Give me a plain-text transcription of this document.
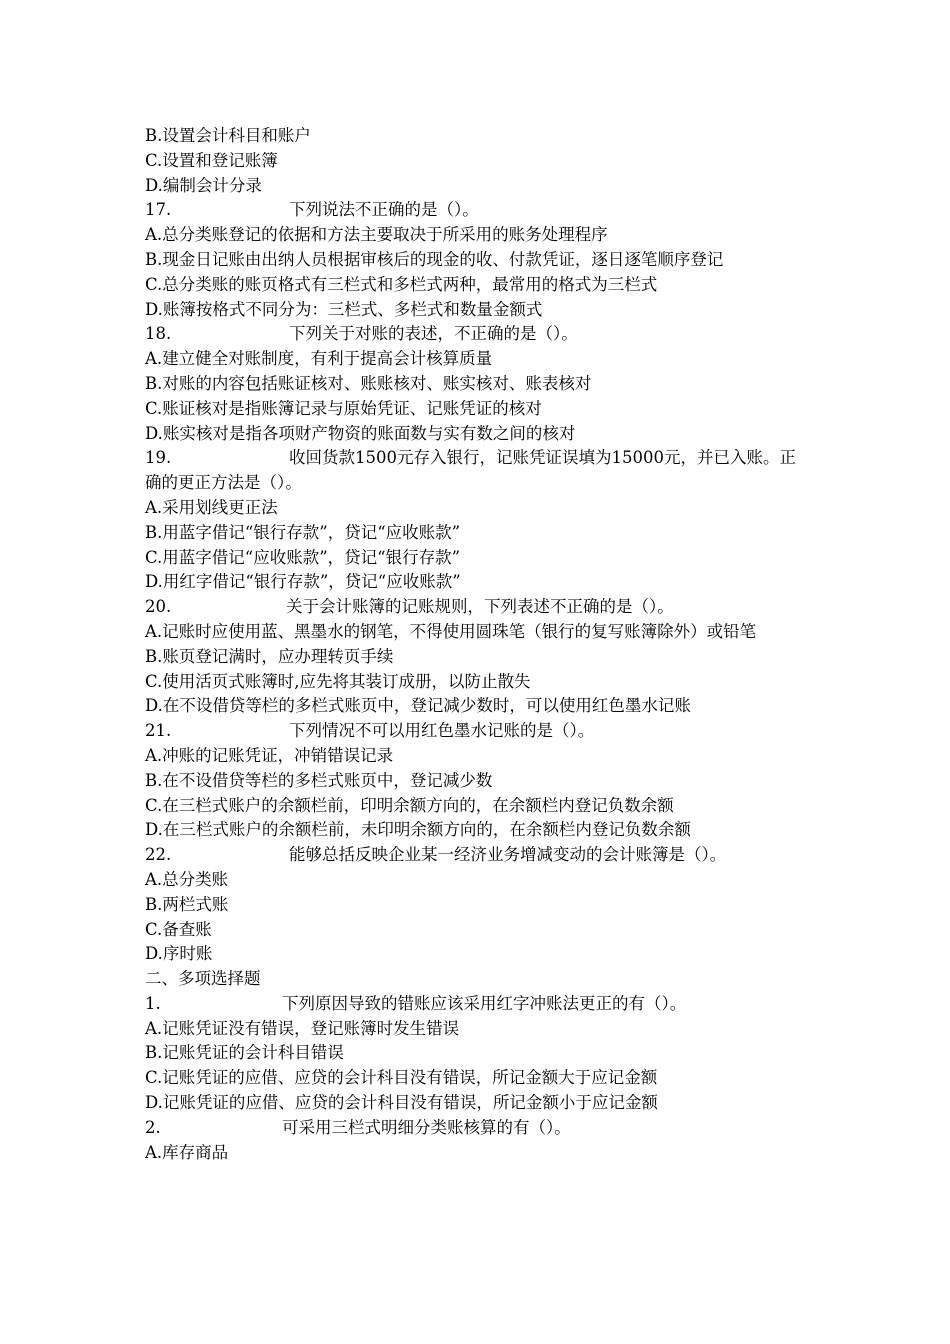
B.设置会计科目和账户
C.设置和登记账簿
D.编制会计分录
17.	下列说法不正确的是（）。
A.总分类账登记的依据和方法主要取决于所采用的账务处理程序
B.现金日记账由出纳人员根据审核后的现金的收、付款凭证，逐日逐笔顺序登记
C.总分类账的账页格式有三栏式和多栏式两种，最常用的格式为三栏式
D.账簿按格式不同分为：三栏式、多栏式和数量金额式
18.	下列关于对账的表述，不正确的是（）。
A.建立健全对账制度，有利于提高会计核算质量
B.对账的内容包括账证核对、账账核对、账实核对、账表核对
C.账证核对是指账簿记录与原始凭证、记账凭证的核对
D.账实核对是指各项财产物资的账面数与实有数之间的核对
19.	收回货款1500元存入银行，记账凭证误填为15000元，并已入账。正确的更正方法是（）。
A.采用划线更正法
B.用蓝字借记“银行存款”，贷记“应收账款”
C.用蓝字借记“应收账款”，贷记“银行存款”
D.用红字借记“银行存款”，贷记“应收账款”
20.	关于会计账簿的记账规则，下列表述不正确的是（）。
A.记账时应使用蓝、黑墨水的钢笔，不得使用圆珠笔（银行的复写账簿除外）或铅笔
B.账页登记满时，应办理转页手续
C.使用活页式账簿时,应先将其装订成册，以防止散失
D.在不设借贷等栏的多栏式账页中，登记减少数时，可以使用红色墨水记账
21.	下列情况不可以用红色墨水记账的是（）。
A.冲账的记账凭证，冲销错误记录
B.在不设借贷等栏的多栏式账页中，登记减少数
C.在三栏式账户的余额栏前，印明余额方向的，在余额栏内登记负数余额
D.在三栏式账户的余额栏前，未印明余额方向的，在余额栏内登记负数余额
22.	能够总括反映企业某一经济业务增减变动的会计账簿是（）。
A.总分类账
B.两栏式账
C.备查账
D.序时账
二、多项选择题
1.	下列原因导致的错账应该采用红字冲账法更正的有（）。
A.记账凭证没有错误，登记账簿时发生错误
B.记账凭证的会计科目错误
C.记账凭证的应借、应贷的会计科目没有错误，所记金额大于应记金额
D.记账凭证的应借、应贷的会计科目没有错误，所记金额小于应记金额
2.	可采用三栏式明细分类账核算的有（）。
A.库存商品
